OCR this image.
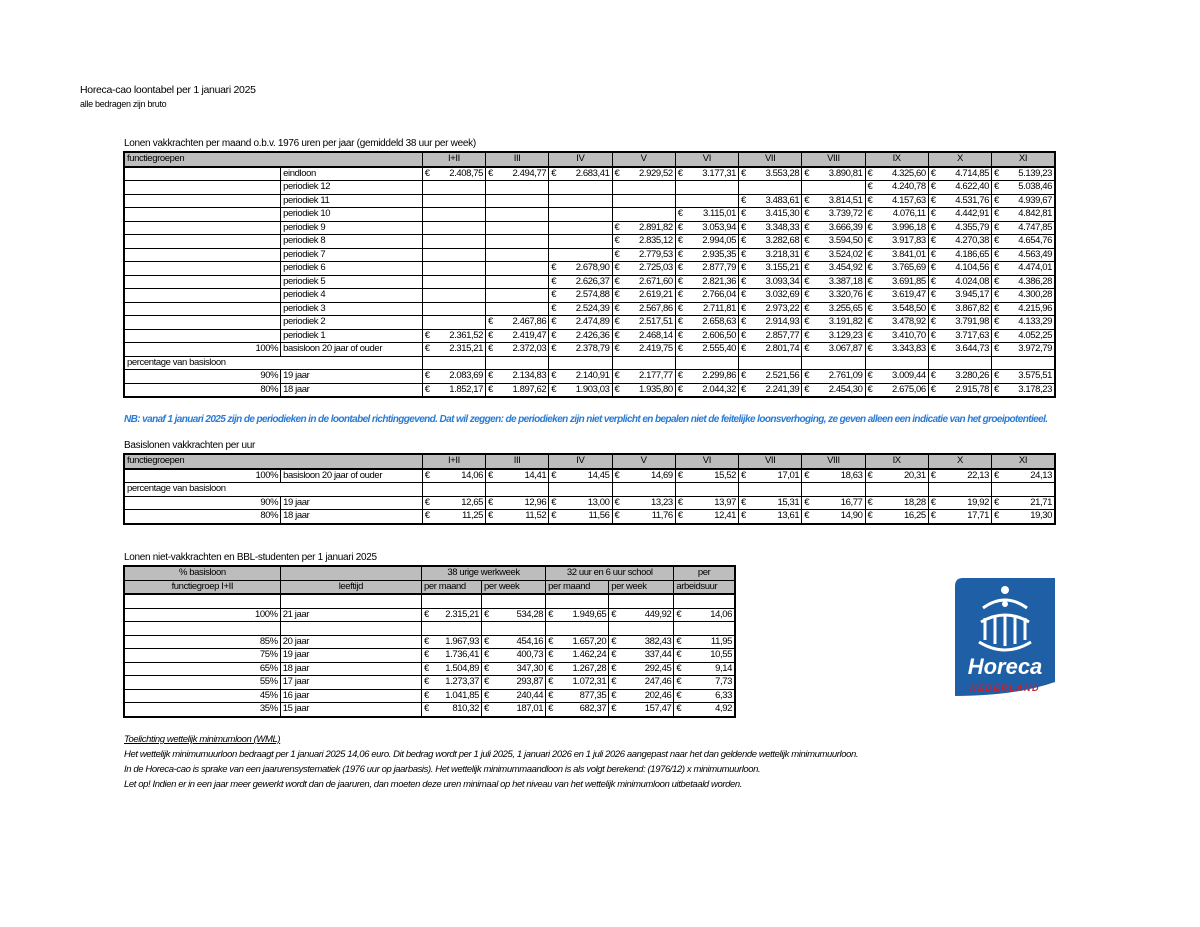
Horeca-cao loontabel per 1 januari 2025
alle bedragen zijn bruto
Lonen vakkrachten per maand o.b.v. 1976 uren per jaar (gemiddeld 38 uur per week)
functiegroepen		I+II		III		IV		V		VI		VII		VIII		IX		X		XI	
	eindloon	€	2.408,75	€	2.494,77	€	2.683,41	€	2.929,52	€	3.177,31	€	3.553,28	€	3.890,81	€	4.325,60	€	4.714,85	€	5.139,23
	periodiek 12															€	4.240,78	€	4.622,40	€	5.038,46
	periodiek 11											€	3.483,61	€	3.814,51	€	4.157,63	€	4.531,76	€	4.939,67
	periodiek 10									€	3.115,01	€	3.415,30	€	3.739,72	€	4.076,11	€	4.442,91	€	4.842,81
	periodiek 9							€	2.891,82	€	3.053,94	€	3.348,33	€	3.666,39	€	3.996,18	€	4.355,79	€	4.747,85
	periodiek 8							€	2.835,12	€	2.994,05	€	3.282,68	€	3.594,50	€	3.917,83	€	4.270,38	€	4.654,76
	periodiek 7							€	2.779,53	€	2.935,35	€	3.218,31	€	3.524,02	€	3.841,01	€	4.186,65	€	4.563,49
	periodiek 6					€	2.678,90	€	2.725,03	€	2.877,79	€	3.155,21	€	3.454,92	€	3.765,69	€	4.104,56	€	4.474,01
	periodiek 5					€	2.626,37	€	2.671,60	€	2.821,36	€	3.093,34	€	3.387,18	€	3.691,85	€	4.024,08	€	4.386,28
	periodiek 4					€	2.574,88	€	2.619,21	€	2.766,04	€	3.032,69	€	3.320,76	€	3.619,47	€	3.945,17	€	4.300,28
	periodiek 3					€	2.524,39	€	2.567,86	€	2.711,81	€	2.973,22	€	3.255,65	€	3.548,50	€	3.867,82	€	4.215,96
	periodiek 2			€	2.467,86	€	2.474,89	€	2.517,51	€	2.658,63	€	2.914,93	€	3.191,82	€	3.478,92	€	3.791,98	€	4.133,29
	periodiek 1	€	2.361,52	€	2.419,47	€	2.426,36	€	2.468,14	€	2.606,50	€	2.857,77	€	3.129,23	€	3.410,70	€	3.717,63	€	4.052,25
100%	basisloon 20 jaar of ouder	€	2.315,21	€	2.372,03	€	2.378,79	€	2.419,75	€	2.555,40	€	2.801,74	€	3.067,87	€	3.343,83	€	3.644,73	€	3.972,79
percentage van basisloon																					
90%	19 jaar	€	2.083,69	€	2.134,83	€	2.140,91	€	2.177,77	€	2.299,86	€	2.521,56	€	2.761,09	€	3.009,44	€	3.280,26	€	3.575,51
80%	18 jaar	€	1.852,17	€	1.897,62	€	1.903,03	€	1.935,80	€	2.044,32	€	2.241,39	€	2.454,30	€	2.675,06	€	2.915,78	€	3.178,23
NB: vanaf 1 januari 2025 zijn de periodieken in de loontabel richtinggevend. Dat wil zeggen: de periodieken zijn niet verplicht en bepalen niet de feitelijke loonsverhoging, ze geven alleen een indicatie van het groeipotentieel.
Basislonen vakkrachten per uur
functiegroepen		I+II		III		IV		V		VI		VII		VIII		IX		X		XI	
100%	basisloon 20 jaar of ouder	€	14,06	€	14,41	€	14,45	€	14,69	€	15,52	€	17,01	€	18,63	€	20,31	€	22,13	€	24,13
percentage van basisloon																					
90%	19 jaar	€	12,65	€	12,96	€	13,00	€	13,23	€	13,97	€	15,31	€	16,77	€	18,28	€	19,92	€	21,71
80%	18 jaar	€	11,25	€	11,52	€	11,56	€	11,76	€	12,41	€	13,61	€	14,90	€	16,25	€	17,71	€	19,30
Lonen niet-vakkrachten en BBL-studenten per 1 januari 2025
% basisloon		38 urige werkweek				32 uur en 6 uur school				per	
functiegroep I+II	leeftijd	per maand		per week		per maand		per week		arbeidsuur	

100%	21 jaar	€	2.315,21	€	534,28	€	1.949,65	€	449,92	€	14,06

85%	20 jaar	€	1.967,93	€	454,16	€	1.657,20	€	382,43	€	11,95
75%	19 jaar	€	1.736,41	€	400,73	€	1.462,24	€	337,44	€	10,55
65%	18 jaar	€	1.504,89	€	347,30	€	1.267,28	€	292,45	€	9,14
55%	17 jaar	€	1.273,37	€	293,87	€	1.072,31	€	247,46	€	7,73
45%	16 jaar	€	1.041,85	€	240,44	€	877,35	€	202,46	€	6,33
35%	15 jaar	€	810,32	€	187,01	€	682,37	€	157,47	€	4,92
Horeca
NEDERLAND
Toelichting wettelijk minimumloon (WML)
Het wettelijk minimumuurloon bedraagt per 1 januari 2025 14,06 euro. Dit bedrag wordt per 1 juli 2025, 1 januari 2026 en 1 juli 2026 aangepast naar het dan geldende wettelijk minimumuurloon.
In de Horeca-cao is sprake van een jaarurensystematiek (1976 uur op jaarbasis). Het wettelijk minimummaandloon is als volgt berekend: (1976/12) x minimumuurloon.
Let op! Indien er in een jaar meer gewerkt wordt dan de jaaruren, dan moeten deze uren minimaal op het niveau van het wettelijk minimumloon uitbetaald worden.
